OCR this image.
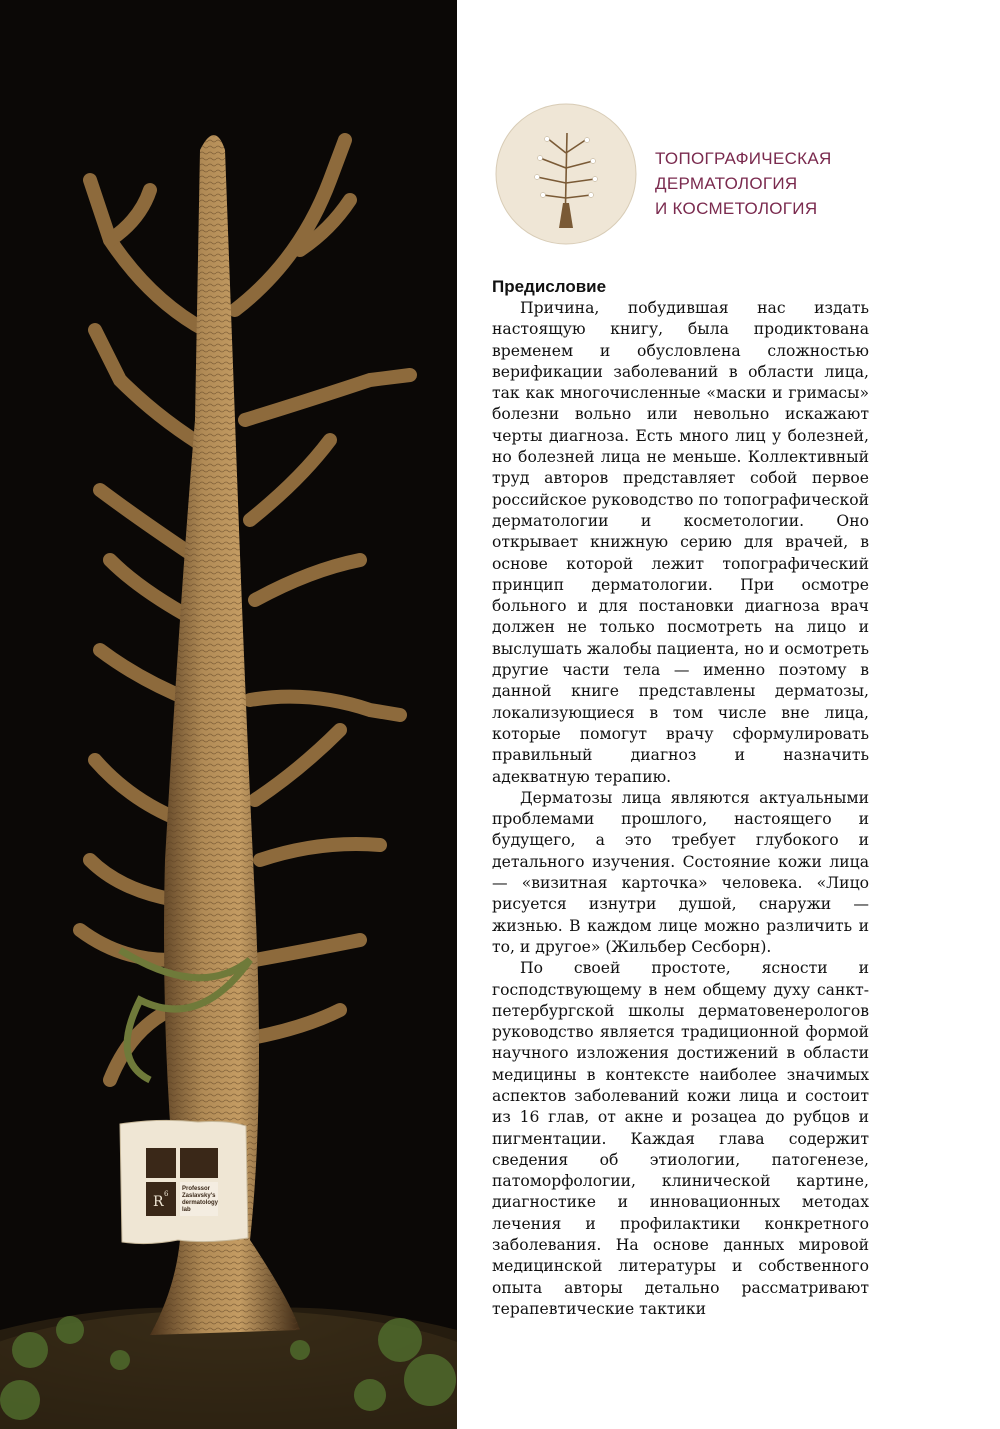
R 6
Professor
Zaslavsky's
dermatology
lab
ТОПОГРАФИЧЕСКАЯ
ДЕРМАТОЛОГИЯ
И КОСМЕТОЛОГИЯ
Предисловие

Причина, побудившая нас издать настоящую книгу, была продиктована временем и обусловлена сложностью верификации заболеваний в области лица, так как многочисленные «маски и гримасы» болезни вольно или невольно искажают черты диагноза. Есть много лиц у болезней, но болезней лица не меньше. Коллективный труд авторов представляет собой первое российское руководство по топографической дерматологии и косметологии. Оно открывает книжную серию для врачей, в основе которой лежит топографический принцип дерматологии. При осмотре больного и для постановки диагноза врач должен не только посмотреть на лицо и выслушать жалобы пациента, но и осмотреть другие части тела — именно поэтому в данной книге представлены дерматозы, локализующиеся в том числе вне лица, которые помогут врачу сформулировать правильный диагноз и назначить адекватную терапию.

Дерматозы лица являются актуальными проблемами прошлого, настоящего и будущего, а это требует глубокого и детального изучения. Состояние кожи лица — «визитная карточка» человека. «Лицо рисуется изнутри душой, снаружи — жизнью. В каждом лице можно различить и то, и другое» (Жильбер Сесборн).

По своей простоте, ясности и господствующему в нем общему духу санкт-петербургской школы дерматовенерологов руководство является традиционной формой научного изложения достижений в области медицины в контексте наиболее значимых аспектов заболеваний кожи лица и состоит из 16 глав, от акне и розацеа до рубцов и пигментации. Каждая глава содержит сведения об этиологии, патогенезе, патоморфологии, клинической картине, диагностике и инновационных методах лечения и профилактики конкретного заболевания. На основе данных мировой медицинской литературы и собственного опыта авторы детально рассматривают терапевтические тактики
